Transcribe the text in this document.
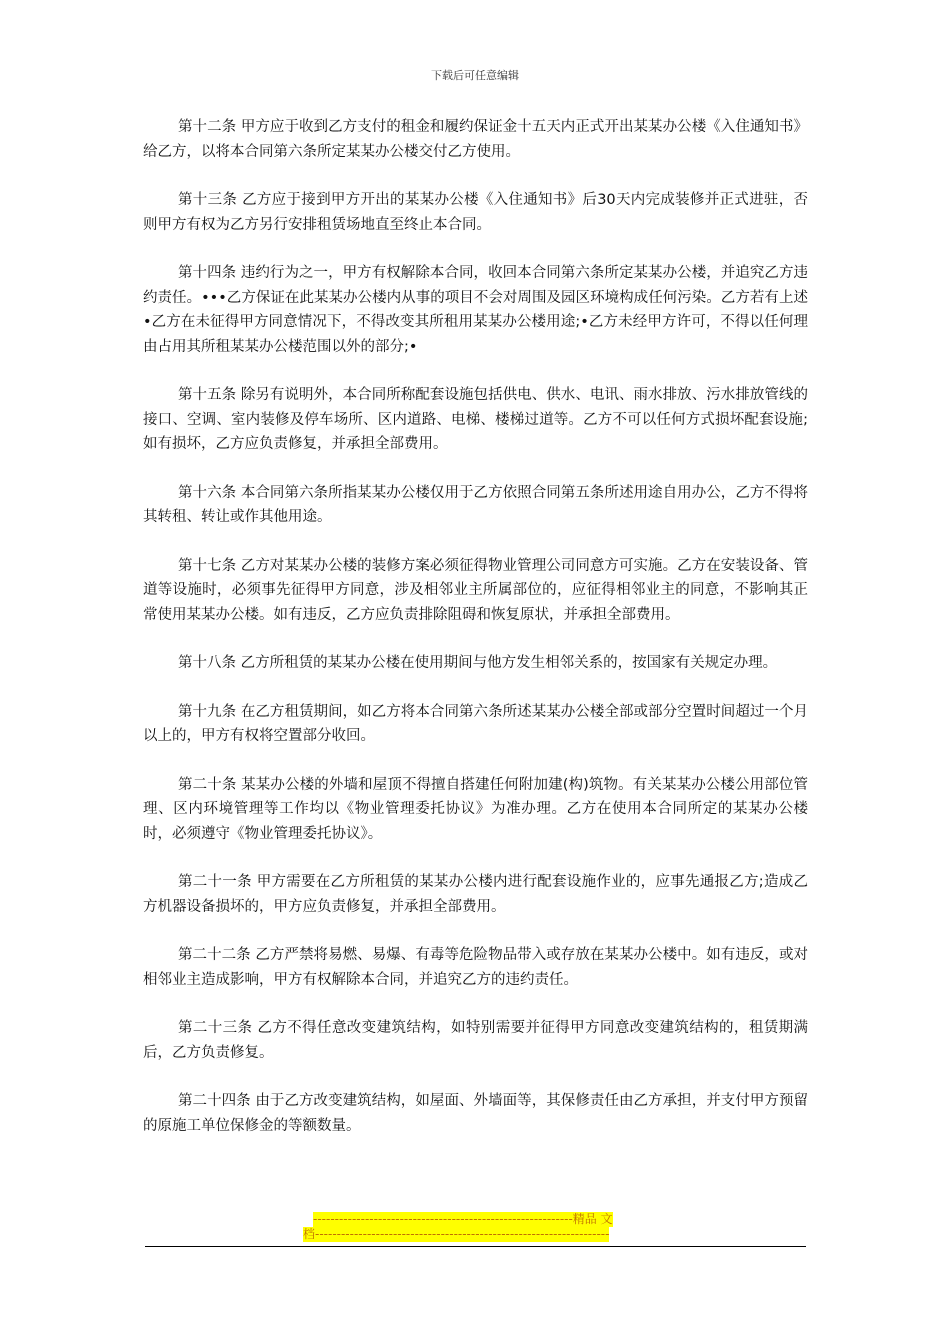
下载后可任意编辑

第十二条 甲方应于收到乙方支付的租金和履约保证金十五天内正式开出某某办公楼《入住通知书》给乙方，以将本合同第六条所定某某办公楼交付乙方使用。

第十三条 乙方应于接到甲方开出的某某办公楼《入住通知书》后30天内完成装修并正式进驻，否则甲方有权为乙方另行安排租赁场地直至终止本合同。

第十四条 违约行为之一，甲方有权解除本合同，收回本合同第六条所定某某办公楼，并追究乙方违约责任。•••乙方保证在此某某办公楼内从事的项目不会对周围及园区环境构成任何污染。乙方若有上述•乙方在未征得甲方同意情况下，不得改变其所租用某某办公楼用途;•乙方未经甲方许可，不得以任何理由占用其所租某某办公楼范围以外的部分;•

第十五条 除另有说明外，本合同所称配套设施包括供电、供水、电讯、雨水排放、污水排放管线的接口、空调、室内装修及停车场所、区内道路、电梯、楼梯过道等。乙方不可以任何方式损坏配套设施;如有损坏，乙方应负责修复，并承担全部费用。

第十六条 本合同第六条所指某某办公楼仅用于乙方依照合同第五条所述用途自用办公，乙方不得将其转租、转让或作其他用途。

第十七条 乙方对某某办公楼的装修方案必须征得物业管理公司同意方可实施。乙方在安装设备、管道等设施时，必须事先征得甲方同意，涉及相邻业主所属部位的，应征得相邻业主的同意，不影响其正常使用某某办公楼。如有违反，乙方应负责排除阻碍和恢复原状，并承担全部费用。

第十八条 乙方所租赁的某某办公楼在使用期间与他方发生相邻关系的，按国家有关规定办理。

第十九条 在乙方租赁期间，如乙方将本合同第六条所述某某办公楼全部或部分空置时间超过一个月以上的，甲方有权将空置部分收回。

第二十条 某某办公楼的外墙和屋顶不得擅自搭建任何附加建(构)筑物。有关某某办公楼公用部位管理、区内环境管理等工作均以《物业管理委托协议》为准办理。乙方在使用本合同所定的某某办公楼时，必须遵守《物业管理委托协议》。

第二十一条 甲方需要在乙方所租赁的某某办公楼内进行配套设施作业的，应事先通报乙方;造成乙方机器设备损坏的，甲方应负责修复，并承担全部费用。

第二十二条 乙方严禁将易燃、易爆、有毒等危险物品带入或存放在某某办公楼中。如有违反，或对相邻业主造成影响，甲方有权解除本合同，并追究乙方的违约责任。

第二十三条 乙方不得任意改变建筑结构，如特别需要并征得甲方同意改变建筑结构的，租赁期满后，乙方负责修复。

第二十四条 由于乙方改变建筑结构，如屋面、外墙面等，其保修责任由乙方承担，并支付甲方预留的原施工单位保修金的等额数量。

------------------------------------------------------------精品 文
档--------------------------------------------------------------------
